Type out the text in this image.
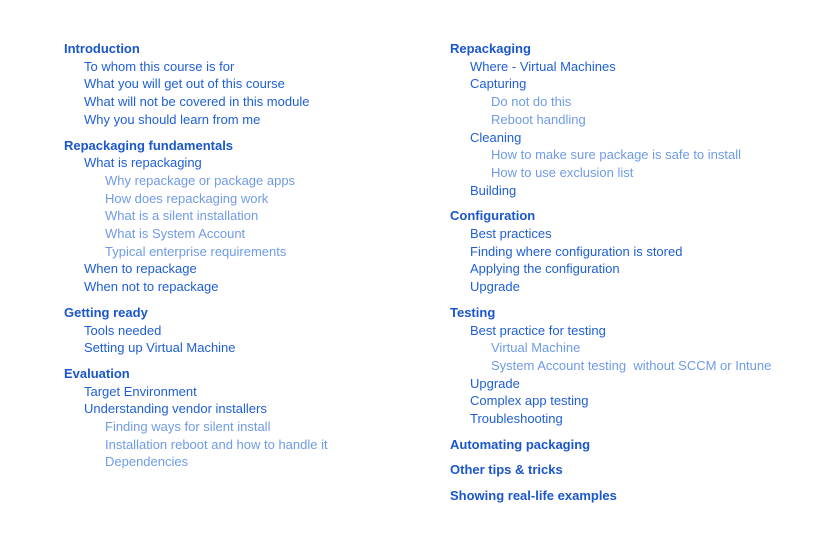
Introduction
To whom this course is for
What you will get out of this course
What will not be covered in this module
Why you should learn from me
Repackaging fundamentals
What is repackaging
Why repackage or package apps
How does repackaging work
What is a silent installation
What is System Account
Typical enterprise requirements
When to repackage
When not to repackage
Getting ready
Tools needed
Setting up Virtual Machine
Evaluation
Target Environment
Understanding vendor installers
Finding ways for silent install
Installation reboot and how to handle it
Dependencies
Repackaging
Where - Virtual Machines
Capturing
Do not do this
Reboot handling
Cleaning
How to make sure package is safe to install
How to use exclusion list
Building
Configuration
Best practices
Finding where configuration is stored
Applying the configuration
Upgrade
Testing
Best practice for testing
Virtual Machine
System Account testing  without SCCM or Intune
Upgrade
Complex app testing
Troubleshooting
Automating packaging
Other tips & tricks
Showing real-life examples
